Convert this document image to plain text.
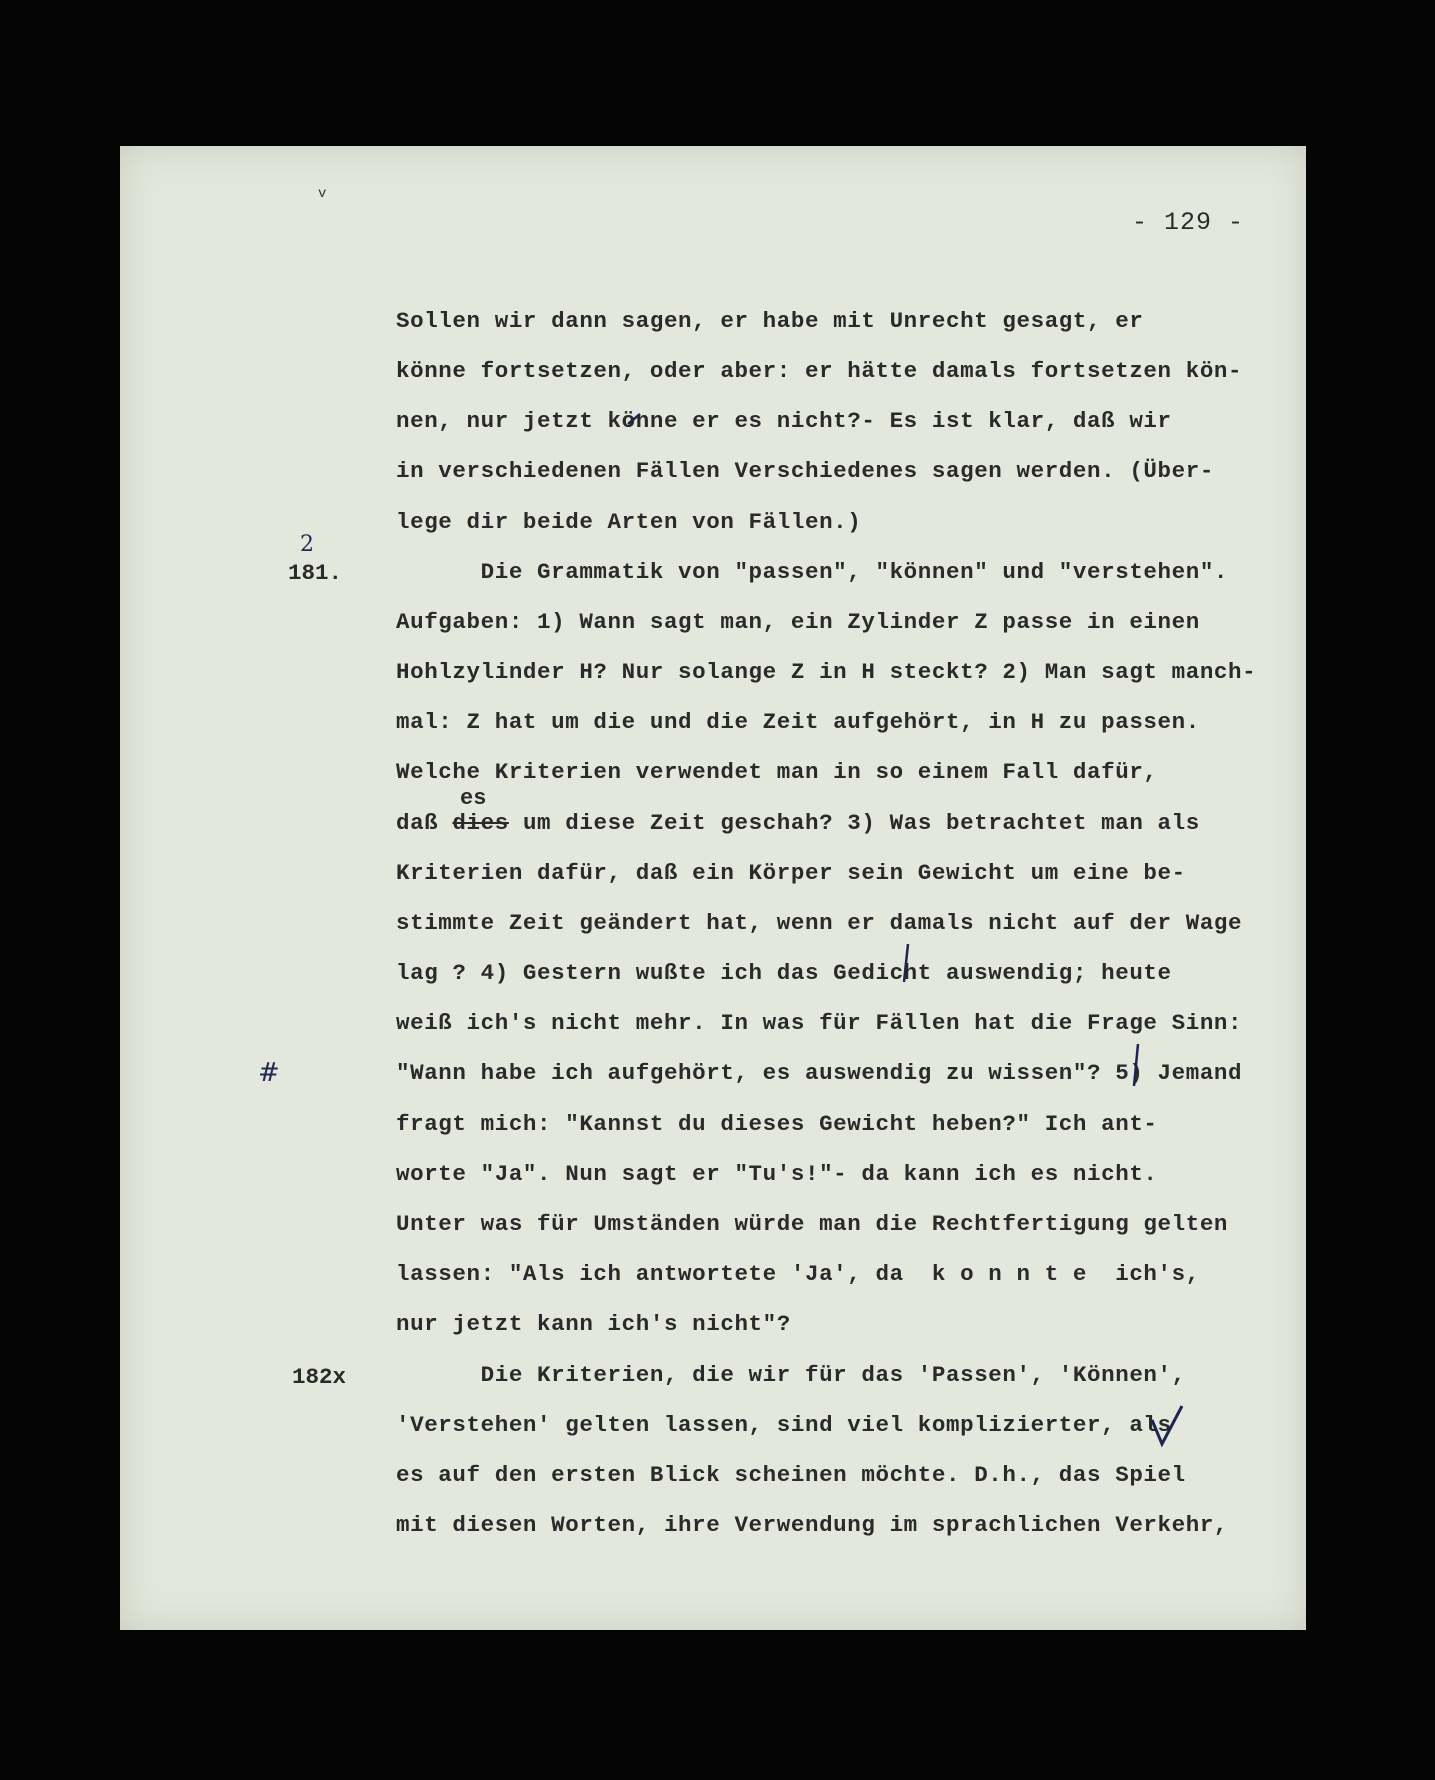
v
- 129 -
181.
2
182x
#
Sollen wir dann sagen, er habe mit Unrecht gesagt, er
könne fortsetzen, oder aber: er hätte damals fortsetzen kön-
nen, nur jetzt könne er es nicht?- Es ist klar, daß wir
in verschiedenen Fällen Verschiedenes sagen werden. (Über-
lege dir beide Arten von Fällen.)
Die Grammatik von "passen", "können" und "verstehen".
Aufgaben: 1) Wann sagt man, ein Zylinder Z passe in einen
Hohlzylinder H? Nur solange Z in H steckt? 2) Man sagt manch-
mal: Z hat um die und die Zeit aufgehört, in H zu passen.
Welche Kriterien verwendet man in so einem Fall dafür,
es
daß dies um diese Zeit geschah? 3) Was betrachtet man als
Kriterien dafür, daß ein Körper sein Gewicht um eine be-
stimmte Zeit geändert hat, wenn er damals nicht auf der Wage
lag ? 4) Gestern wußte ich das Gedicht auswendig; heute
weiß ich's nicht mehr. In was für Fällen hat die Frage Sinn:
"Wann habe ich aufgehört, es auswendig zu wissen"? 5) Jemand
fragt mich: "Kannst du dieses Gewicht heben?" Ich ant-
worte "Ja". Nun sagt er "Tu's!"- da kann ich es nicht.
Unter was für Umständen würde man die Rechtfertigung gelten
lassen: "Als ich antwortete 'Ja', da  k o n n t e  ich's,
nur jetzt kann ich's nicht"?
Die Kriterien, die wir für das 'Passen', 'Können',
'Verstehen' gelten lassen, sind viel komplizierter, als
es auf den ersten Blick scheinen möchte. D.h., das Spiel
mit diesen Worten, ihre Verwendung im sprachlichen Verkehr,
